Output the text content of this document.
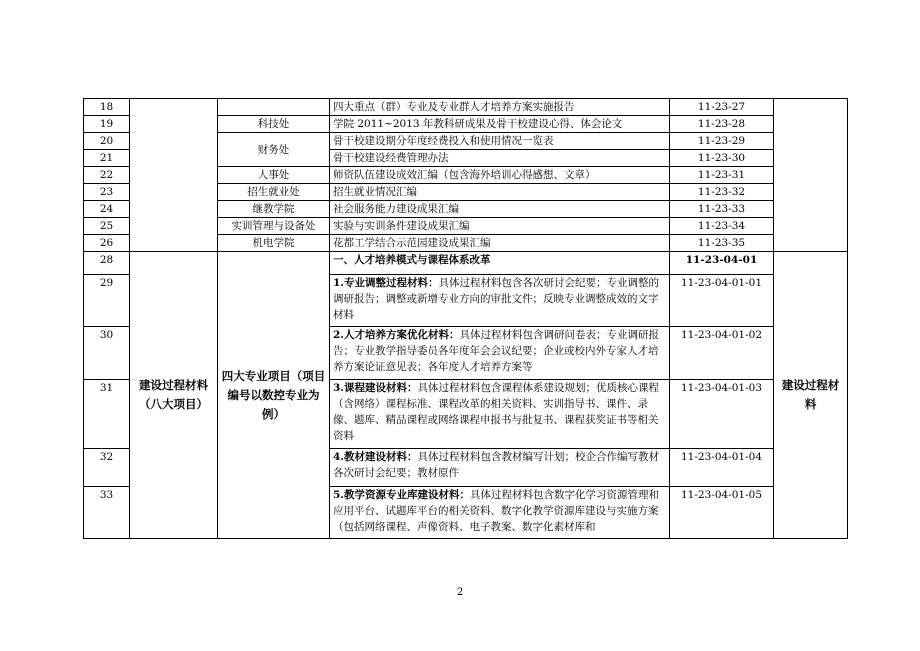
18			四大重点（群）专业及专业群人才培养方案实施报告	11-23-27	
19		科技处	学院 2011~2013 年教科研成果及骨干校建设心得、体会论文	11-23-28	
20		财务处	骨干校建设期分年度经费投入和使用情况一览表	11-23-29	
21			骨干校建设经费管理办法	11-23-30	
22		人事处	师资队伍建设成效汇编（包含海外培训心得感想、文章）	11-23-31	
23		招生就业处	招生就业情况汇编	11-23-32	
24		继教学院	社会服务能力建设成果汇编	11-23-33	
25		实训管理与设备处	实验与实训条件建设成果汇编	11-23-34	
26		机电学院	花都工学结合示范园建设成果汇编	11-23-35	
28	建设过程材料（八大项目）	四大专业项目（项目编号以数控专业为例）	一、人才培养模式与课程体系改革	11-23-04-01	建设过程材料
29			1.专业调整过程材料：具体过程材料包含各次研讨会纪要；专业调整的调研报告；调整或新增专业方向的审批文件；反映专业调整成效的文字材料	11-23-04-01-01	
30			2.人才培养方案优化材料：具体过程材料包含调研问卷表；专业调研报告；专业教学指导委员各年度年会会议纪要；企业或校内外专家人才培养方案论证意见表；各年度人才培养方案等	11-23-04-01-02	
31			3.课程建设材料：具体过程材料包含课程体系建设规划；优质核心课程（含网络）课程标准、课程改革的相关资料、实训指导书、课件、录像、题库、精品课程或网络课程申报书与批复书、课程获奖证书等相关资料	11-23-04-01-03	
32			4.教材建设材料：具体过程材料包含教材编写计划；校企合作编写教材各次研讨会纪要；教材原件	11-23-04-01-04	
33			5.教学资源专业库建设材料：具体过程材料包含数字化学习资源管理和应用平台、试题库平台的相关资料、数字化教学资源库建设与实施方案（包括网络课程、声像资料、电子教案、数字化素材库和	11-23-04-01-05	
2
